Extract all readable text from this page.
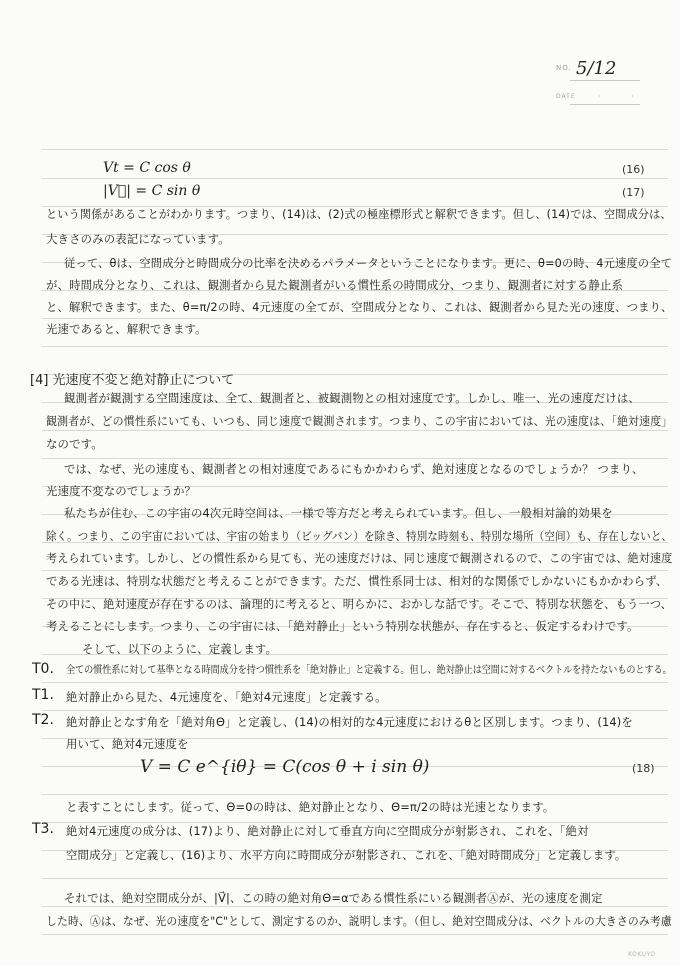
NO. 5/12
DATE	· ·
Vt = C cos θ	(16)
|V⃗| = C sin θ	(17)
という関係があることがわかります。つまり、(14)は、(2)式の極座標形式と解釈できます。但し、(14)では、空間成分は、
大きさのみの表記になっています。
従って、θは、空間成分と時間成分の比率を決めるパラメータということになります。更に、θ=0の時、4元速度の全て
が、時間成分となり、これは、観測者から見た観測者がいる慣性系の時間成分、つまり、観測者に対する静止系
と、解釈できます。また、θ=π/2の時、4元速度の全てが、空間成分となり、これは、観測者から見た光の速度、つまり、
光速であると、解釈できます。
[4] 光速度不変と絶対静止について
観測者が観測する空間速度は、全て、観測者と、被観測物との相対速度です。しかし、唯一、光の速度だけは、
観測者が、どの慣性系にいても、いつも、同じ速度で観測されます。つまり、この宇宙においては、光の速度は、「絶対速度」
なのです。
では、なぜ、光の速度も、観測者との相対速度であるにもかかわらず、絶対速度となるのでしょうか？ つまり、
光速度不変なのでしょうか？
私たちが住む、この宇宙の4次元時空间は、一様で等方だと考えられています。但し、一般相対論的効果を
除く。つまり、この宇宙においては、宇宙の始まり（ビッグバン）を除き、特別な時刻も、特別な場所（空间）も、存在しないと、
考えられています。しかし、どの慣性系から見ても、光の速度だけは、同じ速度で観測されるので、この宇宙では、絶対速度
である光速は、特別な状態だと考えることができます。ただ、慣性系同士は、相対的な関係でしかないにもかかわらず、
その中に、絶対速度が存在するのは、論理的に考えると、明らかに、おかしな話です。そこで、特別な状態を、もう一つ、
考えることにします。つまり、この宇宙には、「絶対静止」という特別な状態が、存在すると、仮定するわけです。
そして、以下のように、定義します。
T0. 全ての慣性系に対して基準となる時間成分を持つ慣性系を「絶対静止」と定義する。但し、絶対静止は空間に対するベクトルを持たないものとする。
T1. 絶対静止から見た、4元速度を、「絶対4元速度」と定義する。
T2. 絶対静止となす角を「絶対角Θ」と定義し、(14)の相対的な4元速度におけるθと区別します。つまり、(14)を
用いて、絶対4元速度を
V = C e^{iθ} = C(cos θ + i sin θ)	(18)
と表すことにします。従って、Θ=0の時は、絶対静止となり、Θ=π/2の時は光速となります。
T3. 絶対4元速度の成分は、(17)より、絶対静止に対して垂直方向に空間成分が射影され、これを、「絶対
空間成分」と定義し、(16)より、水平方向に時間成分が射影され、これを、「絶対時間成分」と定義します。
それでは、絶対空間成分が、|V⃗|、この時の絶対角Θ=αである慣性系にいる観測者Ⓐが、光の速度を測定
した時、Ⓐは、なぜ、光の速度を"C"として、測定するのか、説明します。（但し、絶対空間成分は、ベクトルの大きさのみ考慮
KOKUYO
